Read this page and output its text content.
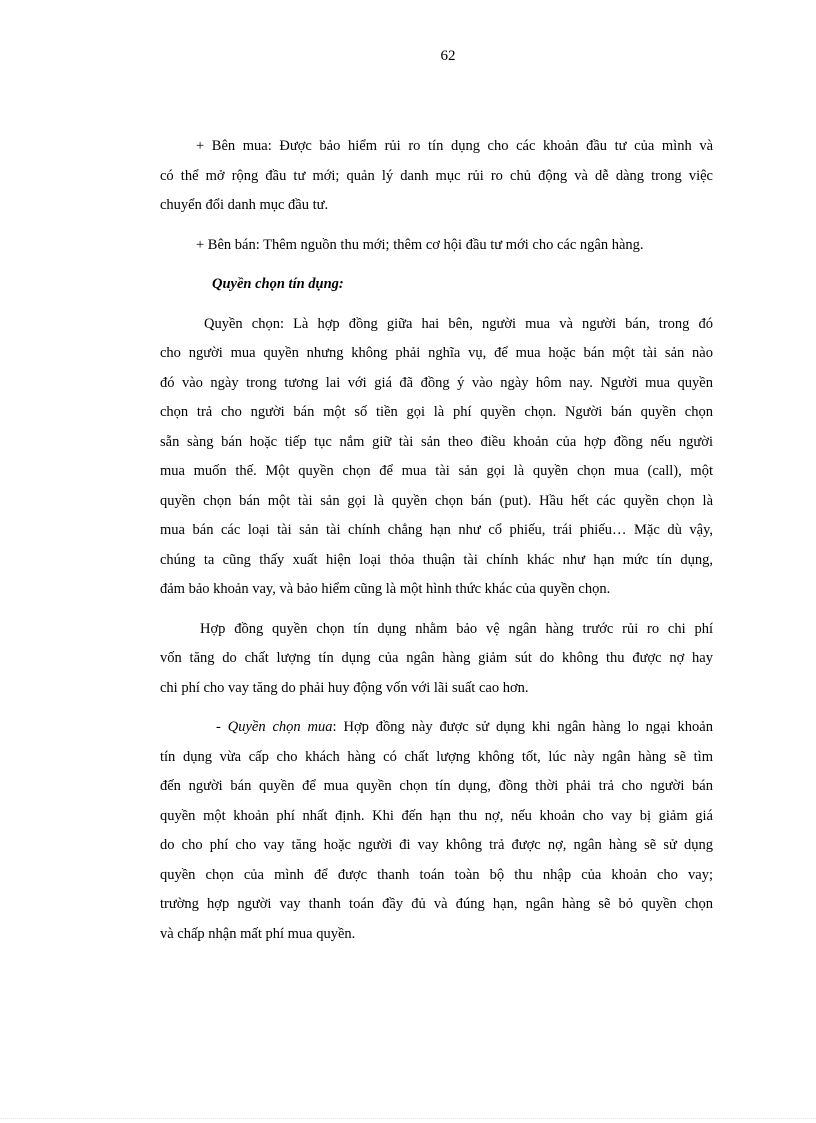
62
+ Bên mua: Được bảo hiểm rủi ro tín dụng cho các khoản đầu tư của mình và
có thể mở rộng đầu tư mới; quản lý danh mục rủi ro chủ động và dễ dàng trong việc
chuyển đổi danh mục đầu tư.
+ Bên bán: Thêm nguồn thu mới; thêm cơ hội đầu tư mới cho các ngân hàng.
Quyền chọn tín dụng:
Quyền chọn: Là hợp đồng giữa hai bên, người mua và người bán, trong đó
cho người mua quyền nhưng không phải nghĩa vụ, để mua hoặc bán một tài sản nào
đó vào ngày trong tương lai với giá đã đồng ý vào ngày hôm nay. Người mua quyền
chọn trả cho người bán một số tiền gọi là phí quyền chọn. Người bán quyền chọn
sẵn sàng bán hoặc tiếp tục nắm giữ tài sản theo điều khoản của hợp đồng nếu người
mua muốn thế. Một quyền chọn để mua tài sản gọi là quyền chọn mua (call), một
quyền chọn bán một tài sản gọi là quyền chọn bán (put). Hầu hết các quyền chọn là
mua bán các loại tài sản tài chính chẳng hạn như cổ phiếu, trái phiếu… Mặc dù vậy,
chúng ta cũng thấy xuất hiện loại thỏa thuận tài chính khác như hạn mức tín dụng,
đảm bảo khoản vay, và bảo hiểm cũng là một hình thức khác của quyền chọn.
Hợp đồng quyền chọn tín dụng nhằm bảo vệ ngân hàng trước rủi ro chi phí
vốn tăng do chất lượng tín dụng của ngân hàng giảm sút do không thu được nợ hay
chi phí cho vay tăng do phải huy động vốn với lãi suất cao hơn.
- Quyền chọn mua: Hợp đồng này được sử dụng khi ngân hàng lo ngại khoản
tín dụng vừa cấp cho khách hàng có chất lượng không tốt, lúc này ngân hàng sẽ tìm
đến người bán quyền để mua quyền chọn tín dụng, đồng thời phải trả cho người bán
quyền một khoản phí nhất định. Khi đến hạn thu nợ, nếu khoản cho vay bị giảm giá
do cho phí cho vay tăng hoặc người đi vay không trả được nợ, ngân hàng sẽ sử dụng
quyền chọn của mình để được thanh toán toàn bộ thu nhập của khoản cho vay;
trường hợp người vay thanh toán đầy đủ và đúng hạn, ngân hàng sẽ bỏ quyền chọn
và chấp nhận mất phí mua quyền.
